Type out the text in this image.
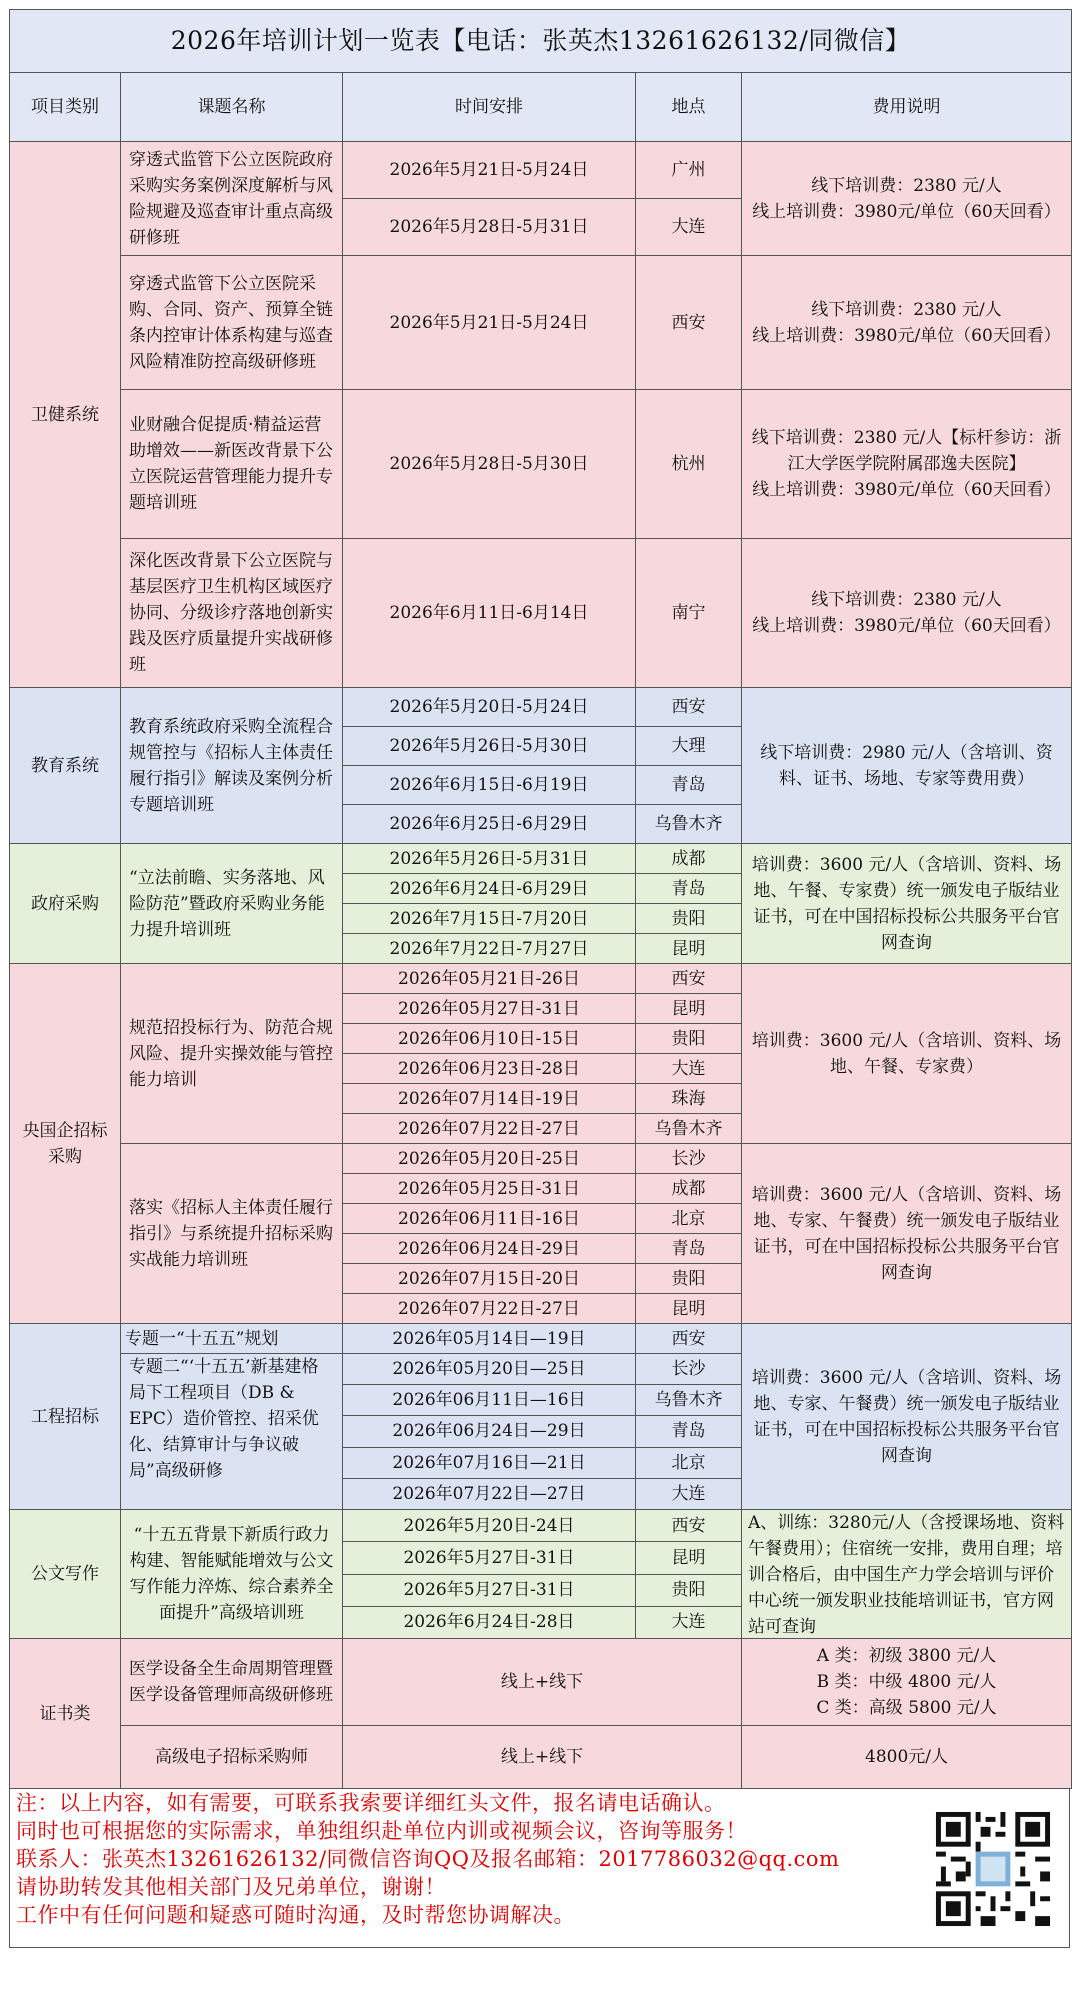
2026年培训计划一览表【电话：张英杰13261626132/同微信】				
项目类别	课题名称	时间安排	地点	费用说明
卫健系统	穿透式监管下公立医院政府采购实务案例深度解析与风险规避及巡查审计重点高级研修班	2026年5月21日-5月24日	广州	线下培训费：2380 元/人
线上培训费：3980元/单位（60天回看）

		2026年5月28日-5月31日	大连	
	穿透式监管下公立医院采购、合同、资产、预算全链条内控审计体系构建与巡查风险精准防控高级研修班	2026年5月21日-5月24日	西安	线下培训费：2380 元/人
线上培训费：3980元/单位（60天回看）

	业财融合促提质·精益运营助增效——新医改背景下公立医院运营管理能力提升专题培训班	2026年5月28日-5月30日	杭州	线下培训费：2380 元/人【标杆参访：浙江大学医学院附属邵逸夫医院】
线上培训费：3980元/单位（60天回看）

	深化医改背景下公立医院与基层医疗卫生机构区域医疗协同、分级诊疗落地创新实践及医疗质量提升实战研修班	2026年6月11日-6月14日	南宁	线下培训费：2380 元/人
线上培训费：3980元/单位（60天回看）

教育系统	教育系统政府采购全流程合规管控与《招标人主体责任履行指引》解读及案例分析专题培训班	2026年5月20日-5月24日	西安	线下培训费：2980 元/人（含培训、资料、证书、场地、专家等费用费）
		2026年5月26日-5月30日	大理	
		2026年6月15日-6月19日	青岛	
		2026年6月25日-6月29日	乌鲁木齐	
政府采购	“立法前瞻、实务落地、风险防范”暨政府采购业务能力提升培训班	2026年5月26日-5月31日	成都	培训费：3600 元/人（含培训、资料、场地、午餐、专家费）统一颁发电子版结业证书，可在中国招标投标公共服务平台官网查询
		2026年6月24日-6月29日	青岛	
		2026年7月15日-7月20日	贵阳	
		2026年7月22日-7月27日	昆明	
央国企招标采购	规范招投标行为、防范合规风险、提升实操效能与管控能力培训	2026年05月21日-26日	西安	培训费：3600 元/人（含培训、资料、场地、午餐、专家费）
		2026年05月27日-31日	昆明	
		2026年06月10日-15日	贵阳	
		2026年06月23日-28日	大连	
		2026年07月14日-19日	珠海	
		2026年07月22日-27日	乌鲁木齐	
	落实《招标人主体责任履行指引》与系统提升招标采购实战能力培训班	2026年05月20日-25日	长沙	培训费：3600 元/人（含培训、资料、场地、专家、午餐费）统一颁发电子版结业证书，可在中国招标投标公共服务平台官网查询
		2026年05月25日-31日	成都	
		2026年06月11日-16日	北京	
		2026年06月24日-29日	青岛	
		2026年07月15日-20日	贵阳	
		2026年07月22日-27日	昆明	
工程招标	专题一“十五五”规划	2026年05月14日—19日	西安	培训费：3600 元/人（含培训、资料、场地、专家、午餐费）统一颁发电子版结业证书，可在中国招标投标公共服务平台官网查询

	专题二“‘十五五’新基建格局下工程项目（DB & EPC）造价管控、招采优化、结算审计与争议破局”高级研修	2026年05月20日—25日	长沙	
		2026年06月11日—16日	乌鲁木齐	
		2026年06月24日—29日	青岛	
		2026年07月16日—21日	北京	
		2026年07月22日—27日	大连	
公文写作	“十五五背景下新质行政力构建、智能赋能增效与公文写作能力淬炼、综合素养全面提升”高级培训班	2026年5月20日-24日	西安	A、训练：3280元/人（含授课场地、资料午餐费用）；住宿统一安排，费用自理；培训合格后，由中国生产力学会培训与评价中心统一颁发职业技能培训证书，官方网站可查询

		2026年5月27日-31日	昆明	
		2026年5月27日-31日	贵阳	
		2026年6月24日-28日	大连	
证书类	医学设备全生命周期管理暨医学设备管理师高级研修班	线上+线下		A 类：初级 3800 元/人
B 类：中级 4800 元/人
C 类：高级 5800 元/人

	高级电子招标采购师	线上+线下		4800元/人
注：以上内容，如有需要，可联系我索要详细红头文件，报名请电话确认。
同时也可根据您的实际需求，单独组织赴单位内训或视频会议，咨询等服务！
联系人：张英杰13261626132/同微信咨询QQ及报名邮箱：2017786032@qq.com
请协助转发其他相关部门及兄弟单位，谢谢！
工作中有任何问题和疑惑可随时沟通，及时帮您协调解决。
